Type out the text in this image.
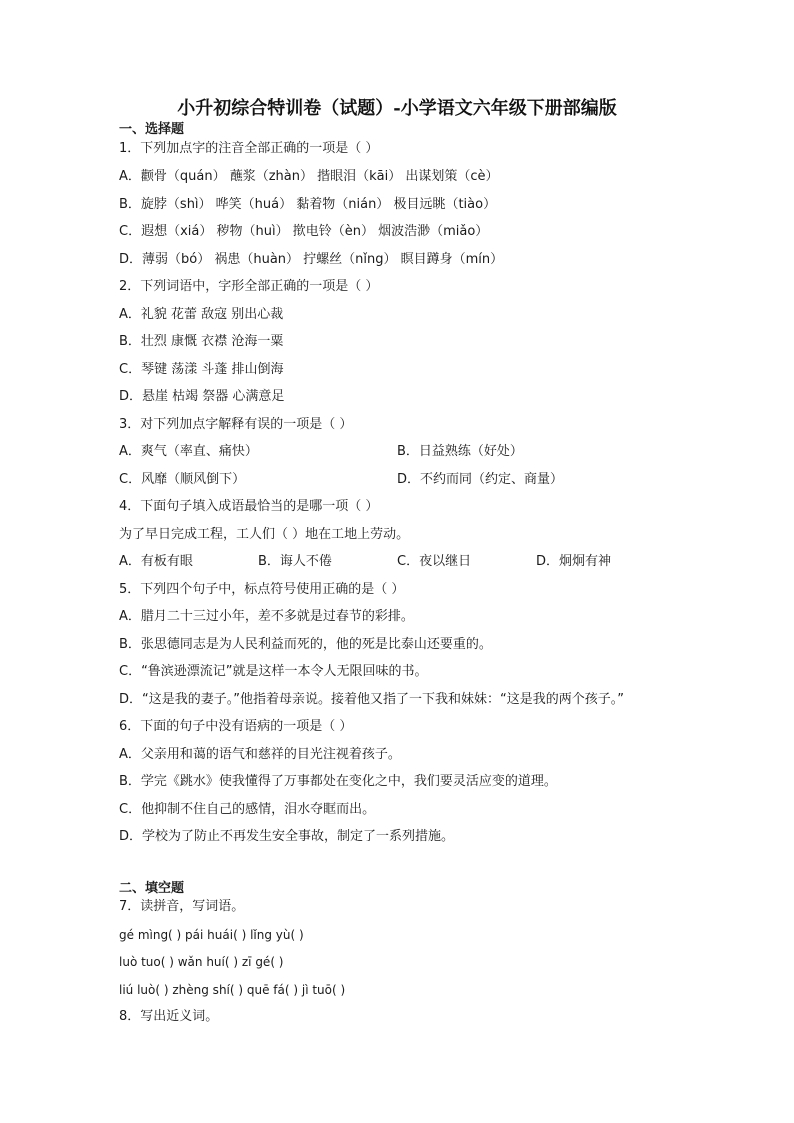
小升初综合特训卷（试题）-小学语文六年级下册部编版
一、选择题
1．下列加点字的注音全部正确的一项是（ ）
A．颧骨（quán） 蘸浆（zhàn） 揩眼泪（kāi） 出谋划策（cè）
B．旋脖（shì） 哗笑（huá） 黏着物（nián） 极目远眺（tiào）
C．遐想（xiá） 秽物（huì） 揿电铃（èn） 烟波浩渺（miǎo）
D．薄弱（bó） 祸患（huàn） 拧螺丝（nǐng） 瞑目蹲身（mín）
2．下列词语中，字形全部正确的一项是（ ）
A．礼貌 花蕾 敌寇 别出心裁
B．壮烈 康慨 衣襟 沧海一粟
C．琴键 荡漾 斗蓬 排山倒海
D．悬崖 枯竭 祭器 心满意足
3．对下列加点字解释有误的一项是（ ）
A．爽气（率直、痛快）	B．日益熟练（好处）
C．风靡（顺风倒下）	D．不约而同（约定、商量）
4．下面句子填入成语最恰当的是哪一项（ ）
为了早日完成工程，工人们（ ）地在工地上劳动。
A．有板有眼	B．诲人不倦	C．夜以继日	D．炯炯有神
5．下列四个句子中，标点符号使用正确的是（ ）
A．腊月二十三过小年，差不多就是过春节的彩排。
B．张思德同志是为人民利益而死的，他的死是比泰山还要重的。
C．“鲁滨逊漂流记”就是这样一本令人无限回味的书。
D．“这是我的妻子。”他指着母亲说。接着他又指了一下我和妹妹：“这是我的两个孩子。”
6．下面的句子中没有语病的一项是（ ）
A．父亲用和蔼的语气和慈祥的目光注视着孩子。
B．学完《跳水》使我懂得了万事都处在变化之中，我们要灵活应变的道理。
C．他抑制不住自己的感情，泪水夺眶而出。
D．学校为了防止不再发生安全事故，制定了一系列措施。
二、填空题
7．读拼音，写词语。
gé mìng( ) pái huái( ) lǐng yù( )
luò tuo( ) wǎn huí( ) zī gé( )
liú luò( ) zhèng shí( ) quē fá( ) jì tuō( )
8．写出近义词。
